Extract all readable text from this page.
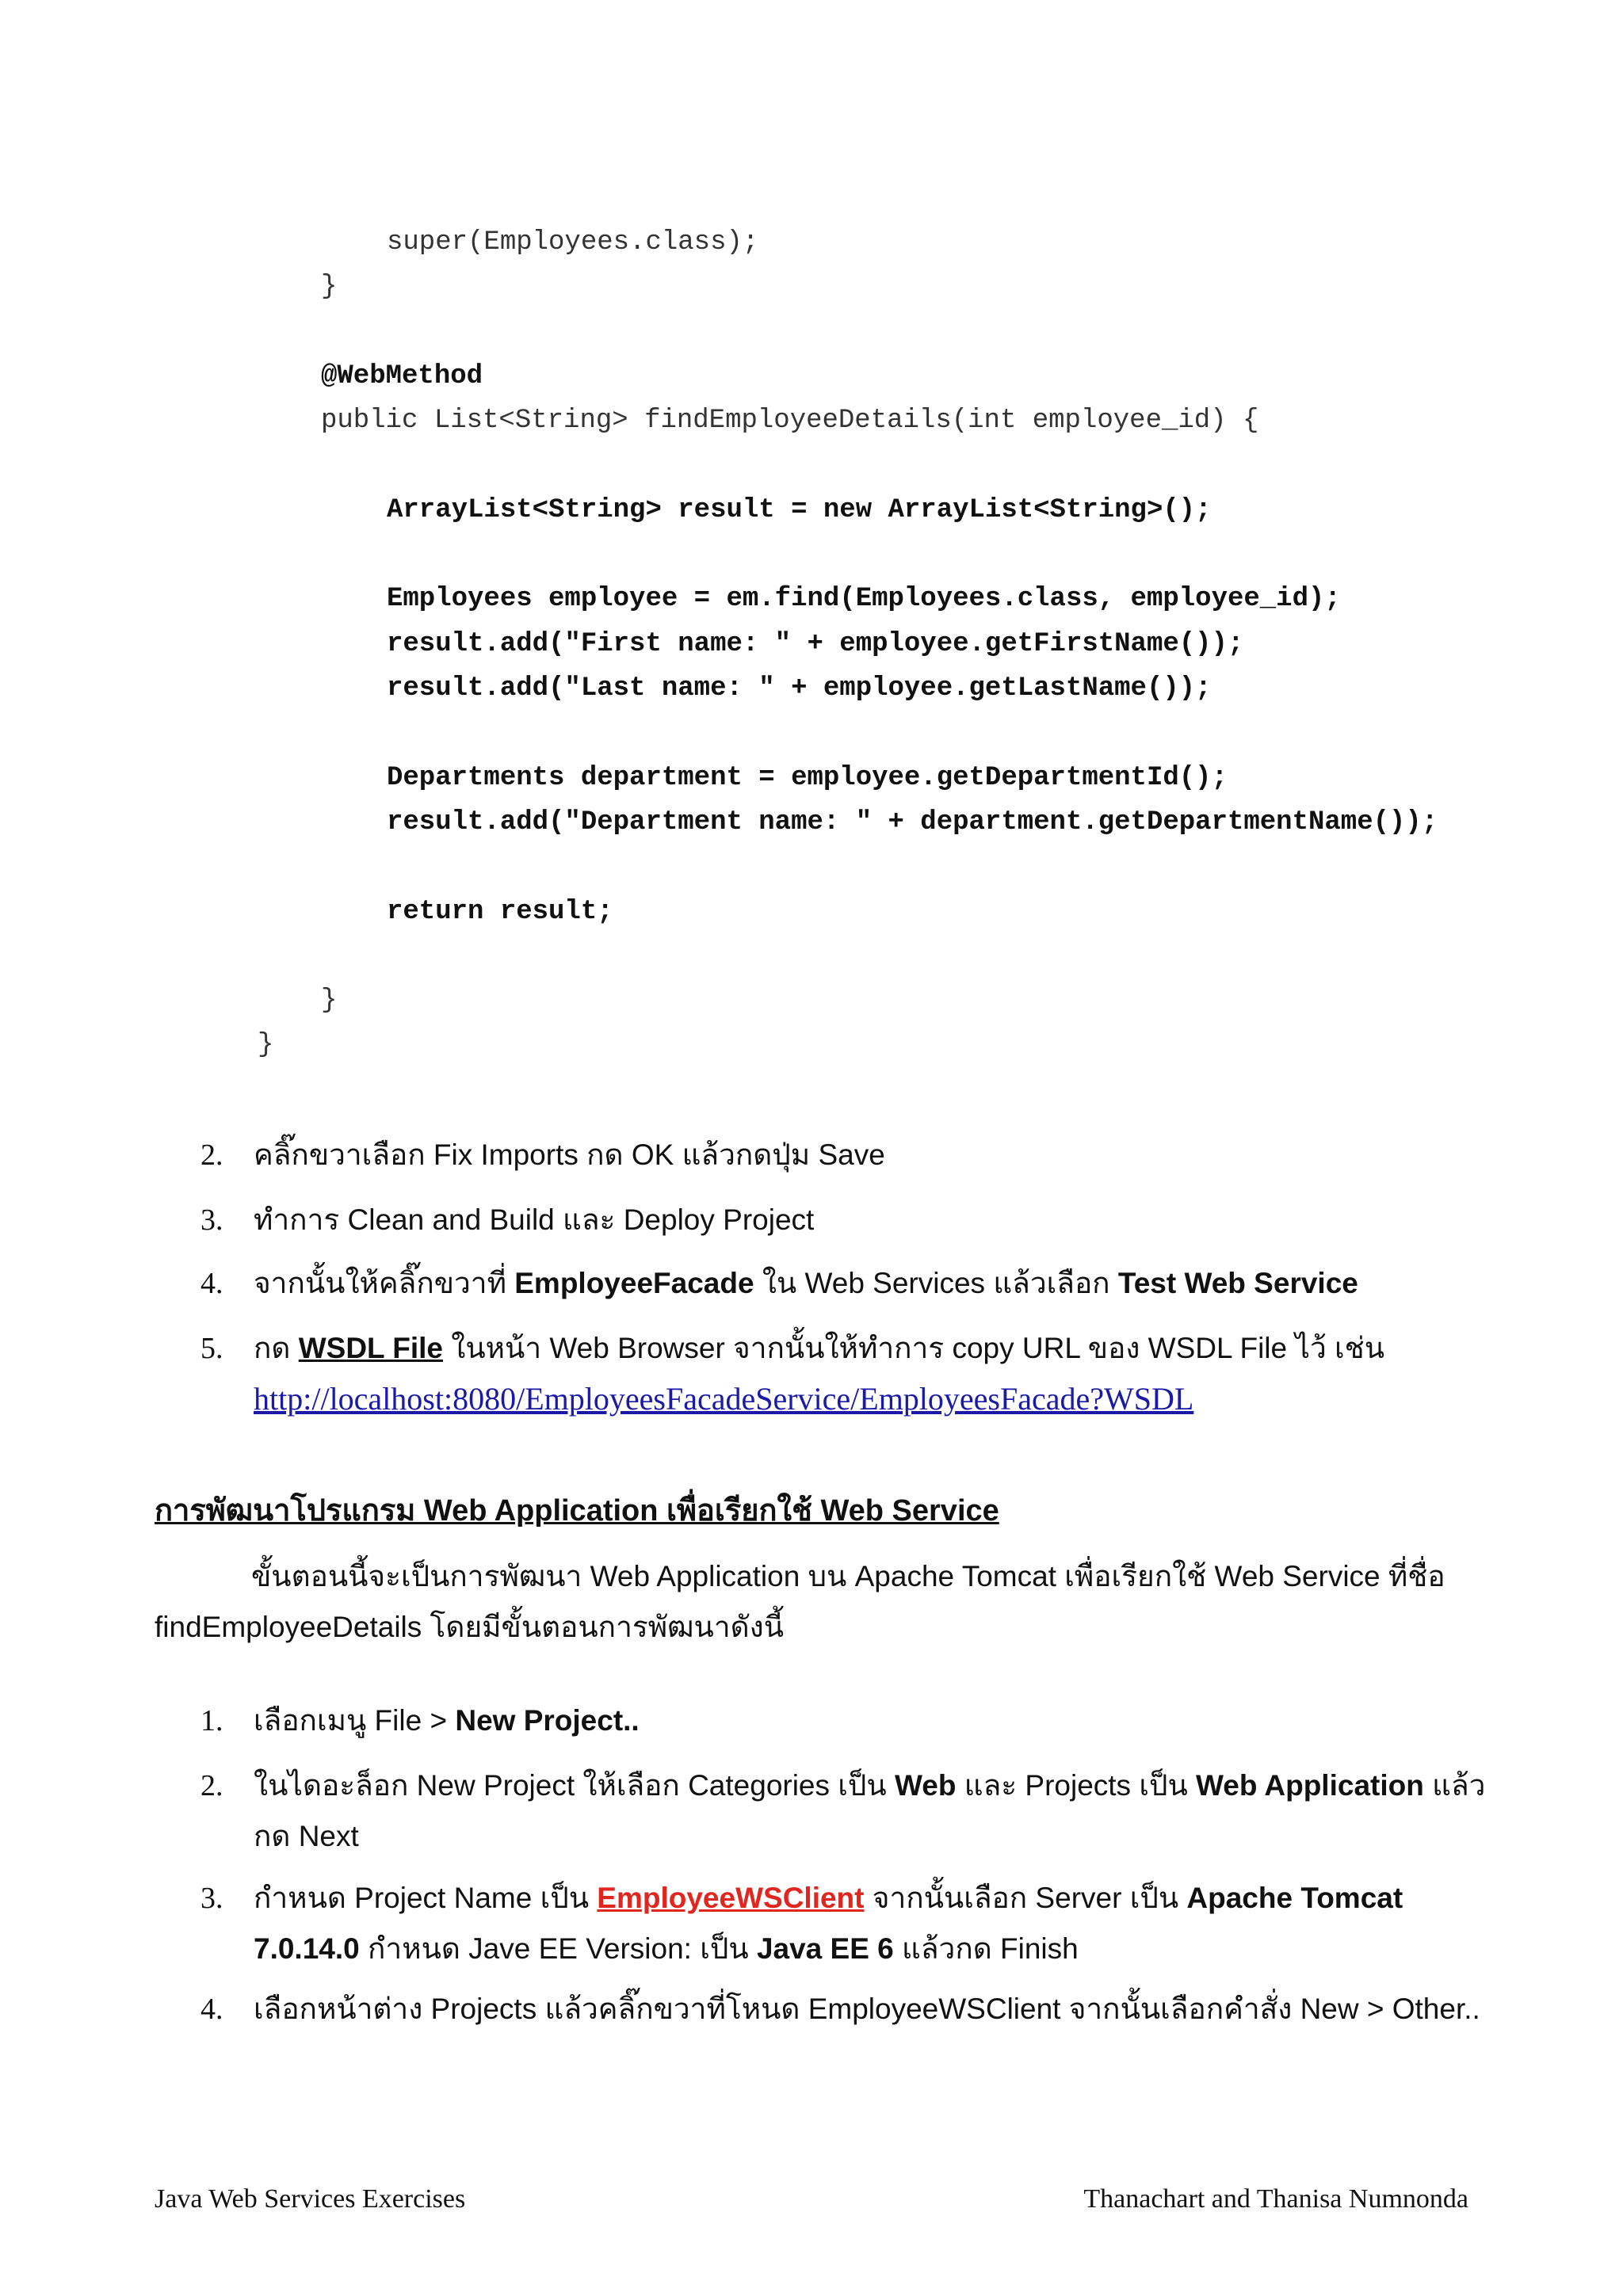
super(Employees.class);
}
@WebMethod
public List<String> findEmployeeDetails(int employee_id) {
ArrayList<String> result = new ArrayList<String>();
Employees employee = em.find(Employees.class, employee_id);
result.add("First name: " + employee.getFirstName());
result.add("Last name: " + employee.getLastName());
Departments department = employee.getDepartmentId();
result.add("Department name: " + department.getDepartmentName());
return result;
}
}
2.	คลิ๊กขวาเลือก Fix Imports กด OK แล้วกดปุ่ม Save
3.	ทำการ Clean and Build และ Deploy Project
4.	จากนั้นให้คลิ๊กขวาที่ EmployeeFacade ใน Web Services แล้วเลือก Test Web Service
5.	กด WSDL File ในหน้า Web Browser จากนั้นให้ทำการ copy URL ของ WSDL File ไว้ เช่น
http://localhost:8080/EmployeesFacadeService/EmployeesFacade?WSDL
การพัฒนาโปรแกรม Web Application เพื่อเรียกใช้ Web Service
ขั้นตอนนี้จะเป็นการพัฒนา Web Application บน Apache Tomcat เพื่อเรียกใช้ Web Service ที่ชื่อ
findEmployeeDetails โดยมีขั้นตอนการพัฒนาดังนี้
1.	เลือกเมนู File > New Project..
2.	ในไดอะล็อก New Project ให้เลือก Categories เป็น Web และ Projects เป็น Web Application แล้ว
กด Next
3.	กำหนด Project Name เป็น EmployeeWSClient จากนั้นเลือก Server เป็น Apache Tomcat
7.0.14.0 กำหนด Jave EE Version: เป็น Java EE 6 แล้วกด Finish
4.	เลือกหน้าต่าง Projects แล้วคลิ๊กขวาที่โหนด EmployeeWSClient จากนั้นเลือกคำสั่ง New > Other..
Java Web Services Exercises	Thanachart and Thanisa Numnonda
